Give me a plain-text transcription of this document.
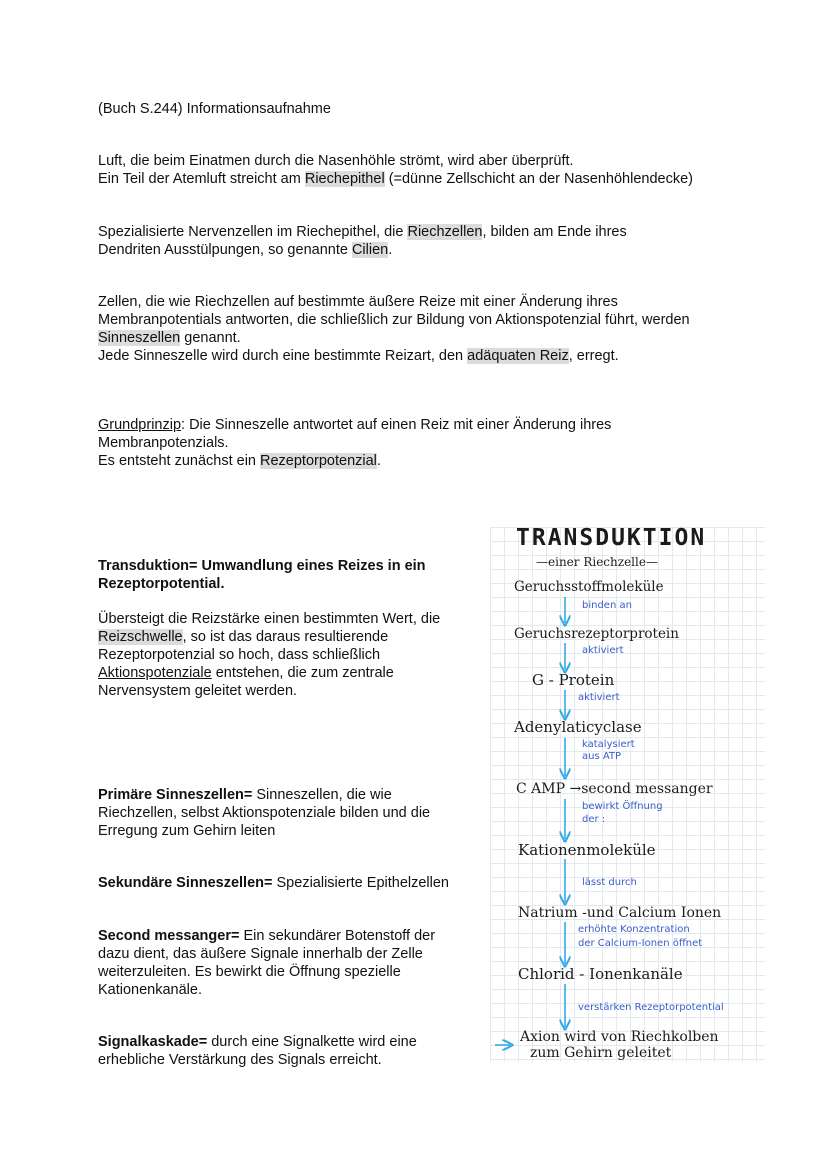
(Buch S.244) Informationsaufnahme
Luft, die beim Einatmen durch die Nasenhöhle strömt, wird aber überprüft.
Ein Teil der Atemluft streicht am Riechepithel (=dünne Zellschicht an der Nasenhöhlendecke)
Spezialisierte Nervenzellen im Riechepithel, die Riechzellen, bilden am Ende ihres
Dendriten Ausstülpungen, so genannte Cilien.
Zellen, die wie Riechzellen auf bestimmte äußere Reize mit einer Änderung ihres
Membranpotentials antworten, die schließlich zur Bildung von Aktionspotenzial führt, werden
Sinneszellen genannt.
Jede Sinneszelle wird durch eine bestimmte Reizart, den adäquaten Reiz, erregt.
Grundprinzip: Die Sinneszelle antwortet auf einen Reiz mit einer Änderung ihres
Membranpotenzials.
Es entsteht zunächst ein Rezeptorpotenzial.
Transduktion= Umwandlung eines Reizes in ein
Rezeptorpotential.
Übersteigt die Reizstärke einen bestimmten Wert, die
Reizschwelle, so ist das daraus resultierende
Rezeptorpotenzial so hoch, dass schließlich
Aktionspotenziale entstehen, die zum zentrale
Nervensystem geleitet werden.
Primäre Sinneszellen= Sinneszellen, die wie
Riechzellen, selbst Aktionspotenziale bilden und die
Erregung zum Gehirn leiten
Sekundäre Sinneszellen= Spezialisierte Epithelzellen
Second messanger= Ein sekundärer Botenstoff der
dazu dient, das äußere Signale innerhalb der Zelle
weiterzuleiten. Es bewirkt die Öffnung spezielle
Kationenkanäle.
Signalkaskade= durch eine Signalkette wird eine
erhebliche Verstärkung des Signals erreicht.
TRANSDUKTION
—einer Riechzelle—
Geruchsstoffmoleküle
binden an
Geruchsrezeptorprotein
aktiviert
G - Protein
aktiviert
Adenylaticyclase
katalysiert
aus ATP
C AMP →second messanger
bewirkt Öffnung
der :
Kationenmoleküle
lässt durch
Natrium -und Calcium Ionen
erhöhte Konzentration
der Calcium-Ionen öffnet
Chlorid - Ionenkanäle
verstärken Rezeptorpotential
Axion wird von Riechkolben
zum Gehirn geleitet
